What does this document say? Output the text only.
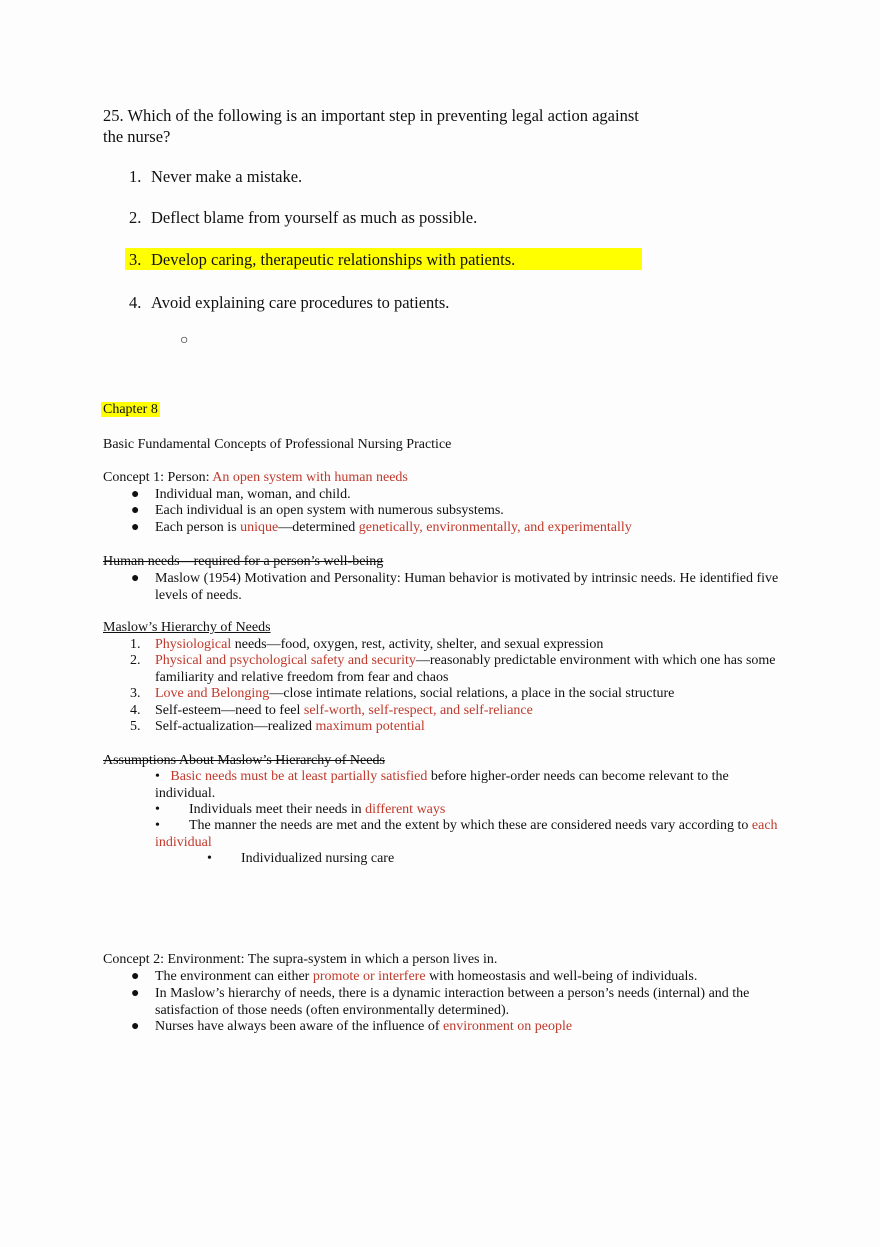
25. Which of the following is an important step in preventing legal action against the nurse?
1. Never make a mistake.
2. Deflect blame from yourself as much as possible.
3. Develop caring, therapeutic relationships with patients.
4. Avoid explaining care procedures to patients.
○
Chapter 8
Basic Fundamental Concepts of Professional Nursing Practice
Concept 1: Person: An open system with human needs
● Individual man, woman, and child.
● Each individual is an open system with numerous subsystems.
● Each person is unique—determined genetically, environmentally, and experimentally
Human needs—required for a person’s well-being
● Maslow (1954) Motivation and Personality: Human behavior is motivated by intrinsic needs. He identified five levels of needs.
Maslow’s Hierarchy of Needs
1. Physiological needs—food, oxygen, rest, activity, shelter, and sexual expression
2. Physical and psychological safety and security—reasonably predictable environment with which one has some familiarity and relative freedom from fear and chaos
3. Love and Belonging—close intimate relations, social relations, a place in the social structure
4. Self-esteem—need to feel self-worth, self-respect, and self-reliance
5. Self-actualization—realized maximum potential
Assumptions About Maslow’s Hierarchy of Needs
• Basic needs must be at least partially satisfied before higher-order needs can become relevant to the individual.
• Individuals meet their needs in different ways
•	The manner the needs are met and the extent by which these are considered needs vary according to each individual
• Individualized nursing care
Concept 2: Environment: The supra-system in which a person lives in.
● The environment can either promote or interfere with homeostasis and well-being of individuals.
● In Maslow’s hierarchy of needs, there is a dynamic interaction between a person’s needs (internal) and the satisfaction of those needs (often environmentally determined).
● Nurses have always been aware of the influence of environment on people
